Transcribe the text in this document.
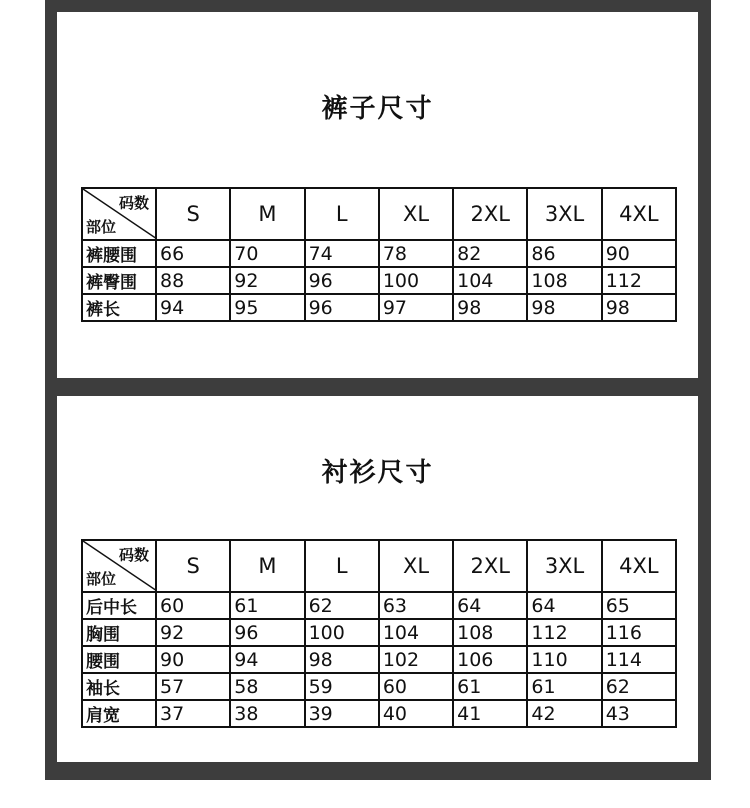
裤子尺寸
码数
部位	S	M	L	XL	2XL	3XL	4XL
裤腰围	66	70	74	78	82	86	90
裤臀围	88	92	96	100	104	108	112
裤长	94	95	96	97	98	98	98
衬衫尺寸
码数
部位	S	M	L	XL	2XL	3XL	4XL
后中长	60	61	62	63	64	64	65
胸围	92	96	100	104	108	112	116
腰围	90	94	98	102	106	110	114
袖长	57	58	59	60	61	61	62
肩宽	37	38	39	40	41	42	43
